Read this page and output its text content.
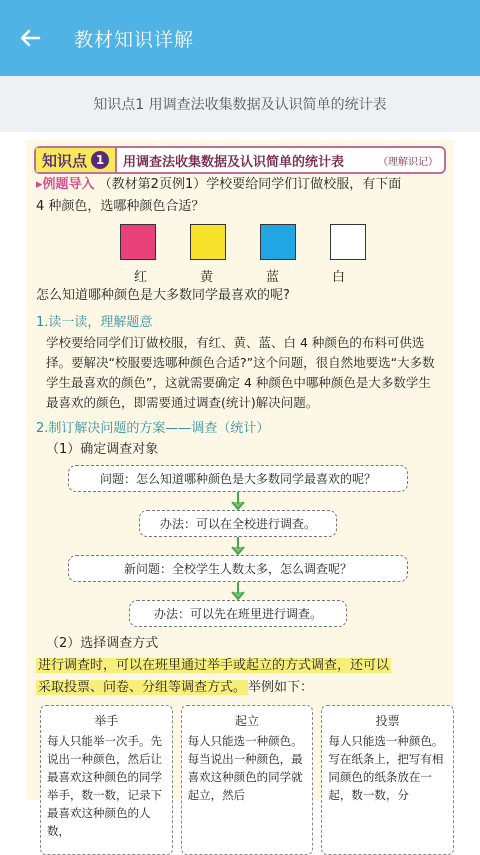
教材知识详解
知识点1 用调查法收集数据及认识简单的统计表
知识点 1	用调查法收集数据及认识简单的统计表	（理解识记）
▸例题导入 （教材第2页例1）学校要给同学们订做校服，有下面
4 种颜色，选哪种颜色合适？
红	黄	蓝	白
怎么知道哪种颜色是大多数同学最喜欢的呢?
1.读一读，理解题意
学校要给同学们订做校服，有红、黄、蓝、白 4 种颜色的布料可供选择。要解决“校服要选哪种颜色合适?”这个问题，很自然地要选“大多数学生最喜欢的颜色”，这就需要确定 4 种颜色中哪种颜色是大多数学生最喜欢的颜色，即需要通过调查(统计)解决问题。
2.制订解决问题的方案——调查（统计）
（1）确定调查对象
问题：怎么知道哪种颜色是大多数同学最喜欢的呢？
办法：可以在全校进行调查。
新问题：全校学生人数太多，怎么调查呢？
办法：可以先在班里进行调查。
（2）选择调查方式
进行调查时，可以在班里通过举手或起立的方式调查，还可以
采取投票、问卷、分组等调查方式。 举例如下：
举手
每人只能举一次手。先说出一种颜色，然后让最喜欢这种颜色的同学举手，数一数，记录下最喜欢这种颜色的人数，
起立
每人只能选一种颜色。每当说出一种颜色，最喜欢这种颜色的同学就起立，然后
投票
每人只能选一种颜色。写在纸条上，把写有相同颜色的纸条放在一起，数一数，分
